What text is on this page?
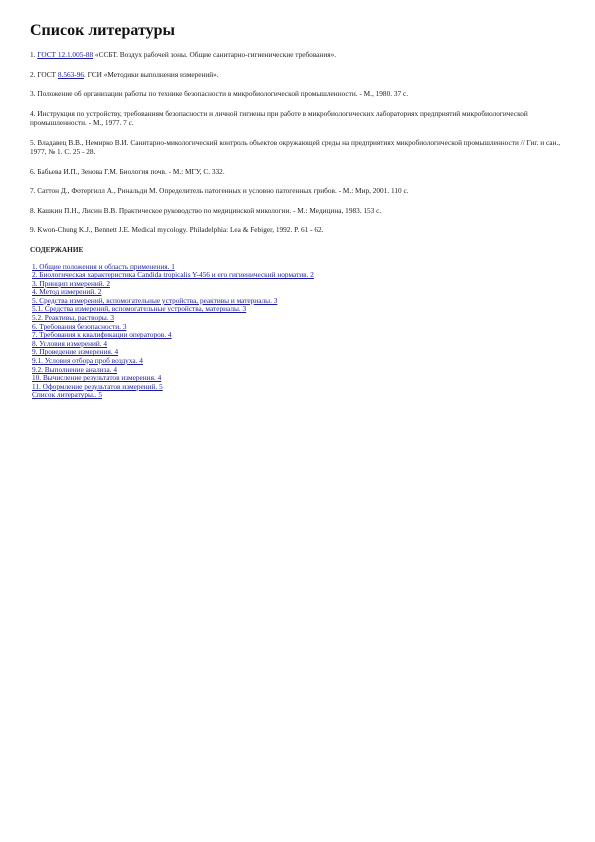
Список литературы

1. ГОСТ 12.1.005-88 «ССБТ. Воздух рабочей зоны. Общие санитарно-гигиенические требования».

2. ГОСТ 8.563-96. ГСИ «Методики выполнения измерений».

3. Положение об организации работы по технике безопасности в микробиологической промышленности. - М., 1980. 37 с.

4. Инструкция по устройству, требованиям безопасности и личной гигиены при работе в микробиологических лабораториях предприятий микробиологической промышленности. - М., 1977. 7 с.

5. Владавец В.В., Немирко В.И. Санитарно-микологический контроль объектов окружающей среды на предприятиях микробиологической промышленности // Гиг. и сан., 1977, № 1. С. 25 - 28.

6. Бабьева И.П., Зенова Г.М. Биология почв. - М.: МГУ, С. 332.

7. Саттон Д., Фотергилл А., Ринальди М. Определитель патогенных и условно патогенных грибов. - М.: Мир, 2001. 110 с.

8. Кашкин П.Н., Лисин В.В. Практическое руководство по медицинской микологии. - М.: Медицина, 1983. 153 с.

9. Kwon-Chung K.J., Bennett J.E. Medical mycology. Philadelphia: Lea & Febiger, 1992. P. 61 - 62.

СОДЕРЖАНИЕ
1. Общие положения и область применения. 1
2. Биологическая характеристика Candida tropicalis Y-456 и его гигиенический норматив. 2
3. Принцип измерений. 2
4. Метод измерений. 2
5. Средства измерений, вспомогательные устройства, реактивы и материалы. 3
5.1. Средства измерений, вспомогательные устройства, материалы. 3
5.2. Реактивы, растворы. 3
6. Требования безопасности. 3
7. Требования к квалификации операторов. 4
8. Условия измерений. 4
9. Проведение измерения. 4
9.1. Условия отбора проб воздуха. 4
9.2. Выполнение анализа. 4
10. Вычисление результатов измерения. 4
11. Оформление результатов измерений. 5
Список литературы.. 5
